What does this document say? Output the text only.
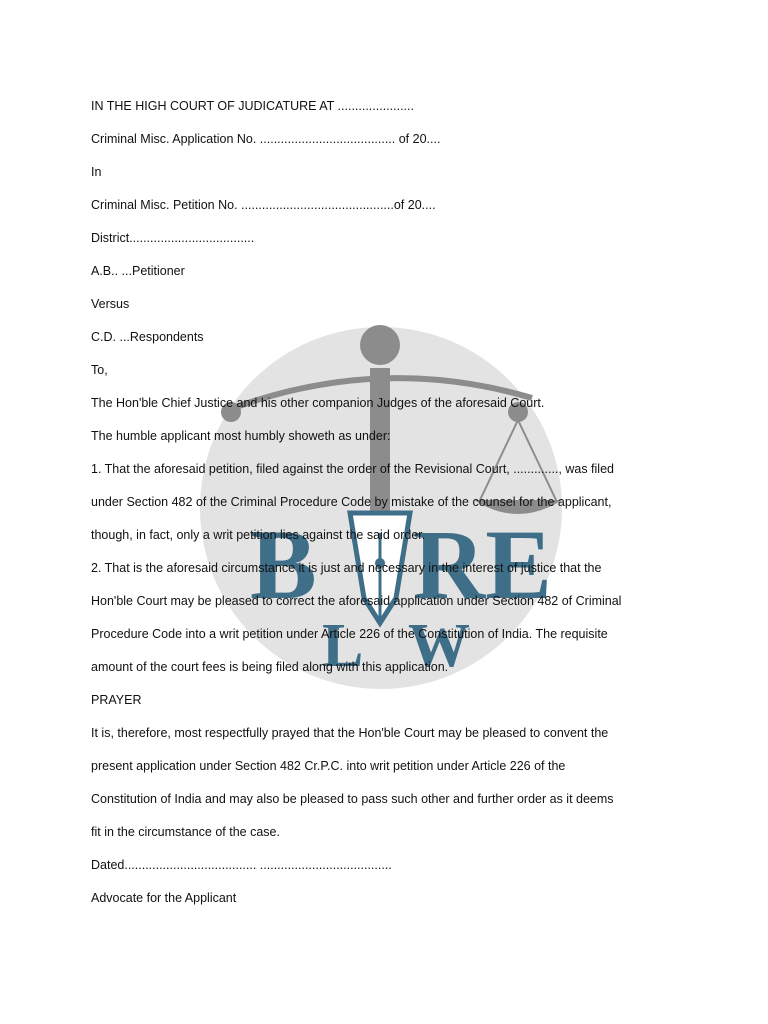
B RE
L W
IN THE HIGH COURT OF JUDICATURE AT ......................
Criminal Misc. Application No. ....................................... of 20....
In
Criminal Misc. Petition No. ............................................of 20....
District....................................
A.B.. ...Petitioner
Versus
C.D. ...Respondents
To,
The Hon'ble Chief Justice and his other companion Judges of the aforesaid Court.
The humble applicant most humbly showeth as under:
1. That the aforesaid petition, filed against the order of the Revisional Court, ............., was filed
under Section 482 of the Criminal Procedure Code by mistake of the counsel for the applicant,
though, in fact, only a writ petition lies against the said order.
2. That is the aforesaid circumstance it is just and necessary in the interest of justice that the
Hon'ble Court may be pleased to correct the aforesaid application under Section 482 of Criminal
Procedure Code into a writ petition under Article 226 of the Constitution of India. The requisite
amount of the court fees is being filed along with this application.
PRAYER
It is, therefore, most respectfully prayed that the Hon'ble Court may be pleased to convent the
present application under Section 482 Cr.P.C. into writ petition under Article 226 of the
Constitution of India and may also be pleased to pass such other and further order as it deems
fit in the circumstance of the case.
Dated...................................... ......................................
Advocate for the Applicant
